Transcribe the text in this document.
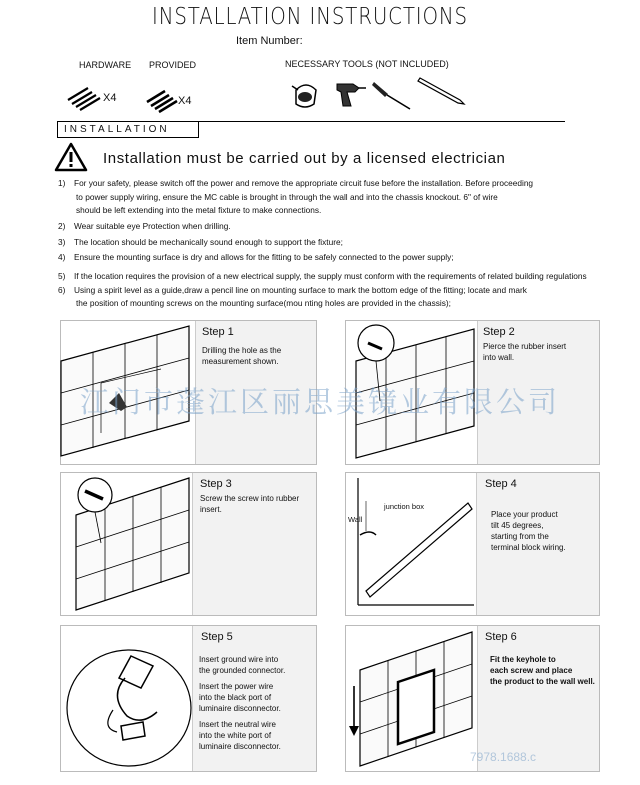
INSTALLATION INSTRUCTIONS
Item Number:
HARDWARE PROVIDED	NECESSARY TOOLS (NOT INCLUDED)
X4	X4
INSTALLATION
Installation must be carried out by a licensed electrician
1) For your safety, please switch off the power and remove the appropriate circuit fuse before the installation. Before proceeding
to power supply wiring, ensure the MC cable is brought in through the wall and into the chassis knockout. 6" of wire
should be left extending into the metal fixture to make connections.
2) Wear suitable eye Protection when drilling.
3) The location should be mechanically sound enough to support the fixture;
4) Ensure the mounting surface is dry and allows for the fitting to be safely connected to the power supply;
5) If the location requires the provision of a new electrical supply, the supply must conform with the requirements of related building regulations
6) Using a spirit level as a guide,draw a pencil line on mounting surface to mark the bottom edge of the fitting; locate and mark
the position of mounting screws on the mounting surface(mou nting holes are provided in the chassis);
Step 1
Drilling the hole as the
measurement shown.
Step 2
Pierce the rubber insert
into wall.
Step 3
Screw the screw into rubber
insert.
Wall
junction box
Step 4
Place your product
tilt 45 degrees,
starting from the
terminal block wiring.
Step 5
Insert ground wire into
the grounded connector.
Insert the power wire
into the black port of
luminaire disconnector.
Insert the neutral wire
into the white port of
luminaire disconnector.
Step 6
Fit the keyhole to
each screw and place
the product to the wall well.
江门市蓬江区丽思美镜业有限公司
7978.1688.c
